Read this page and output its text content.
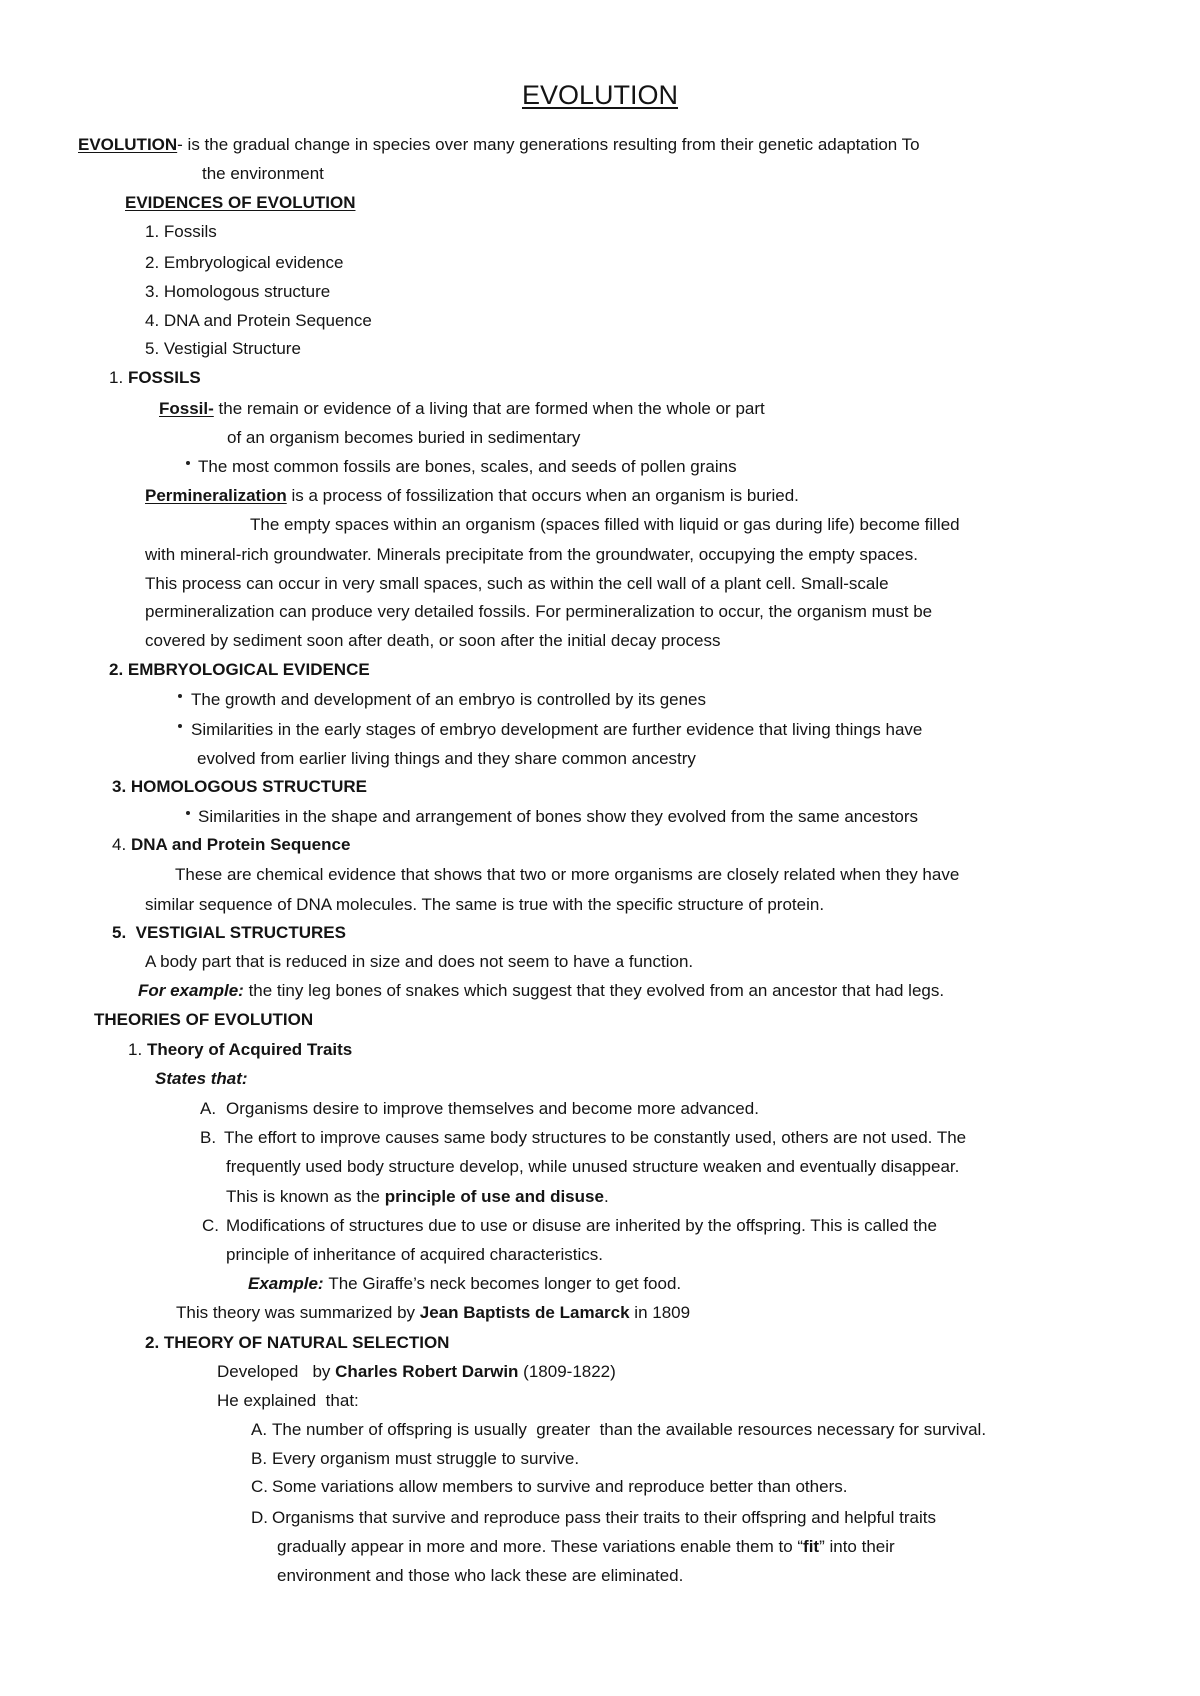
EVOLUTION
EVOLUTION- is the gradual change in species over many generations resulting from their genetic adaptation To
the environment
EVIDENCES OF EVOLUTION
1. Fossils
2. Embryological evidence
3. Homologous structure
4. DNA and Protein Sequence
5. Vestigial Structure
1. FOSSILS
Fossil- the remain or evidence of a living that are formed when the whole or part
of an organism becomes buried in sedimentary
The most common fossils are bones, scales, and seeds of pollen grains
Permineralization is a process of fossilization that occurs when an organism is buried.
The empty spaces within an organism (spaces filled with liquid or gas during life) become filled
with mineral-rich groundwater. Minerals precipitate from the groundwater, occupying the empty spaces.
This process can occur in very small spaces, such as within the cell wall of a plant cell. Small-scale
permineralization can produce very detailed fossils. For permineralization to occur, the organism must be
covered by sediment soon after death, or soon after the initial decay process
2. EMBRYOLOGICAL EVIDENCE
The growth and development of an embryo is controlled by its genes
Similarities in the early stages of embryo development are further evidence that living things have
evolved from earlier living things and they share common ancestry
3. HOMOLOGOUS STRUCTURE
Similarities in the shape and arrangement of bones show they evolved from the same ancestors
4. DNA and Protein Sequence
These are chemical evidence that shows that two or more organisms are closely related when they have
similar sequence of DNA molecules. The same is true with the specific structure of protein.
5.  VESTIGIAL STRUCTURES
A body part that is reduced in size and does not seem to have a function.
For example: the tiny leg bones of snakes which suggest that they evolved from an ancestor that had legs.
THEORIES OF EVOLUTION
1. Theory of Acquired Traits
States that:
A. Organisms desire to improve themselves and become more advanced.
B. The effort to improve causes same body structures to be constantly used, others are not used. The
frequently used body structure develop, while unused structure weaken and eventually disappear.
This is known as the principle of use and disuse.
C. Modifications of structures due to use or disuse are inherited by the offspring. This is called the
principle of inheritance of acquired characteristics.
Example: The Giraffe’s neck becomes longer to get food.
This theory was summarized by Jean Baptists de Lamarck in 1809
2. THEORY OF NATURAL SELECTION
Developed   by Charles Robert Darwin (1809-1822)
He explained  that:
A. The number of offspring is usually  greater  than the available resources necessary for survival.
B. Every organism must struggle to survive.
C. Some variations allow members to survive and reproduce better than others.
D. Organisms that survive and reproduce pass their traits to their offspring and helpful traits
gradually appear in more and more. These variations enable them to “fit” into their
environment and those who lack these are eliminated.
